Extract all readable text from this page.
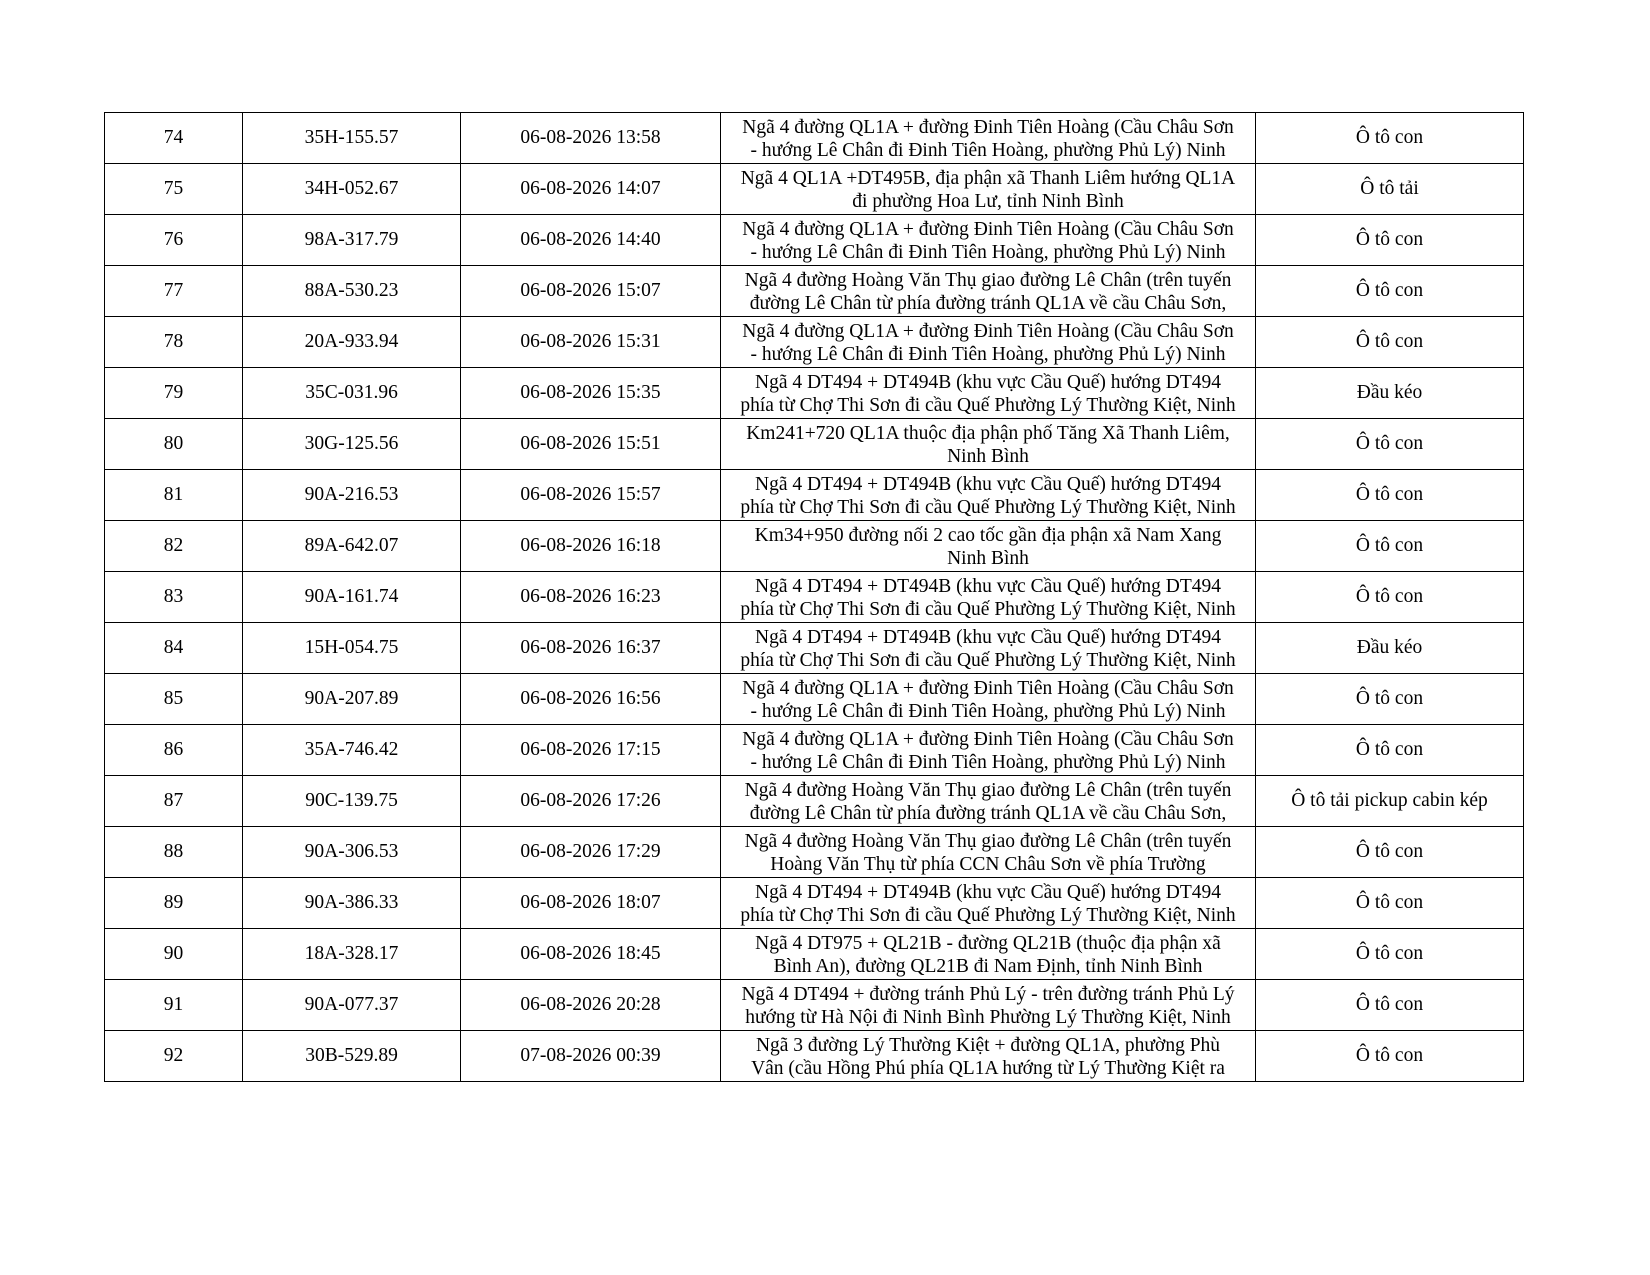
74	35H-155.57	06-08-2026 13:58	Ngã 4 đường QL1A + đường Đinh Tiên Hoàng (Cầu Châu Sơn
- hướng Lê Chân đi Đinh Tiên Hoàng, phường Phủ Lý) Ninh	Ô tô con
75	34H-052.67	06-08-2026 14:07	Ngã 4 QL1A +DT495B, địa phận xã Thanh Liêm hướng QL1A
đi phường Hoa Lư, tỉnh Ninh Bình	Ô tô tải
76	98A-317.79	06-08-2026 14:40	Ngã 4 đường QL1A + đường Đinh Tiên Hoàng (Cầu Châu Sơn
- hướng Lê Chân đi Đinh Tiên Hoàng, phường Phủ Lý) Ninh	Ô tô con
77	88A-530.23	06-08-2026 15:07	Ngã 4 đường Hoàng Văn Thụ giao đường Lê Chân (trên tuyến
đường Lê Chân từ phía đường tránh QL1A về cầu Châu Sơn,	Ô tô con
78	20A-933.94	06-08-2026 15:31	Ngã 4 đường QL1A + đường Đinh Tiên Hoàng (Cầu Châu Sơn
- hướng Lê Chân đi Đinh Tiên Hoàng, phường Phủ Lý) Ninh	Ô tô con
79	35C-031.96	06-08-2026 15:35	Ngã 4 DT494 + DT494B (khu vực Cầu Quế) hướng DT494
phía từ Chợ Thi Sơn đi cầu Quế Phường Lý Thường Kiệt, Ninh	Đầu kéo
80	30G-125.56	06-08-2026 15:51	Km241+720 QL1A thuộc địa phận phố Tăng Xã Thanh Liêm,
Ninh Bình	Ô tô con
81	90A-216.53	06-08-2026 15:57	Ngã 4 DT494 + DT494B (khu vực Cầu Quế) hướng DT494
phía từ Chợ Thi Sơn đi cầu Quế Phường Lý Thường Kiệt, Ninh	Ô tô con
82	89A-642.07	06-08-2026 16:18	Km34+950 đường nối 2 cao tốc gần địa phận xã Nam Xang
Ninh Bình	Ô tô con
83	90A-161.74	06-08-2026 16:23	Ngã 4 DT494 + DT494B (khu vực Cầu Quế) hướng DT494
phía từ Chợ Thi Sơn đi cầu Quế Phường Lý Thường Kiệt, Ninh	Ô tô con
84	15H-054.75	06-08-2026 16:37	Ngã 4 DT494 + DT494B (khu vực Cầu Quế) hướng DT494
phía từ Chợ Thi Sơn đi cầu Quế Phường Lý Thường Kiệt, Ninh	Đầu kéo
85	90A-207.89	06-08-2026 16:56	Ngã 4 đường QL1A + đường Đinh Tiên Hoàng (Cầu Châu Sơn
- hướng Lê Chân đi Đinh Tiên Hoàng, phường Phủ Lý) Ninh	Ô tô con
86	35A-746.42	06-08-2026 17:15	Ngã 4 đường QL1A + đường Đinh Tiên Hoàng (Cầu Châu Sơn
- hướng Lê Chân đi Đinh Tiên Hoàng, phường Phủ Lý) Ninh	Ô tô con
87	90C-139.75	06-08-2026 17:26	Ngã 4 đường Hoàng Văn Thụ giao đường Lê Chân (trên tuyến
đường Lê Chân từ phía đường tránh QL1A về cầu Châu Sơn,	Ô tô tải pickup cabin kép
88	90A-306.53	06-08-2026 17:29	Ngã 4 đường Hoàng Văn Thụ giao đường Lê Chân (trên tuyến
Hoàng Văn Thụ từ phía CCN Châu Sơn về phía Trường	Ô tô con
89	90A-386.33	06-08-2026 18:07	Ngã 4 DT494 + DT494B (khu vực Cầu Quế) hướng DT494
phía từ Chợ Thi Sơn đi cầu Quế Phường Lý Thường Kiệt, Ninh	Ô tô con
90	18A-328.17	06-08-2026 18:45	Ngã 4 DT975 + QL21B - đường QL21B (thuộc địa phận xã
Bình An), đường QL21B đi Nam Định, tỉnh Ninh Bình	Ô tô con
91	90A-077.37	06-08-2026 20:28	Ngã 4 DT494 + đường tránh Phủ Lý - trên đường tránh Phủ Lý
hướng từ Hà Nội đi Ninh Bình Phường Lý Thường Kiệt, Ninh	Ô tô con
92	30B-529.89	07-08-2026 00:39	Ngã 3 đường Lý Thường Kiệt + đường QL1A, phường Phù
Vân (cầu Hồng Phú phía QL1A hướng từ Lý Thường Kiệt ra	Ô tô con
